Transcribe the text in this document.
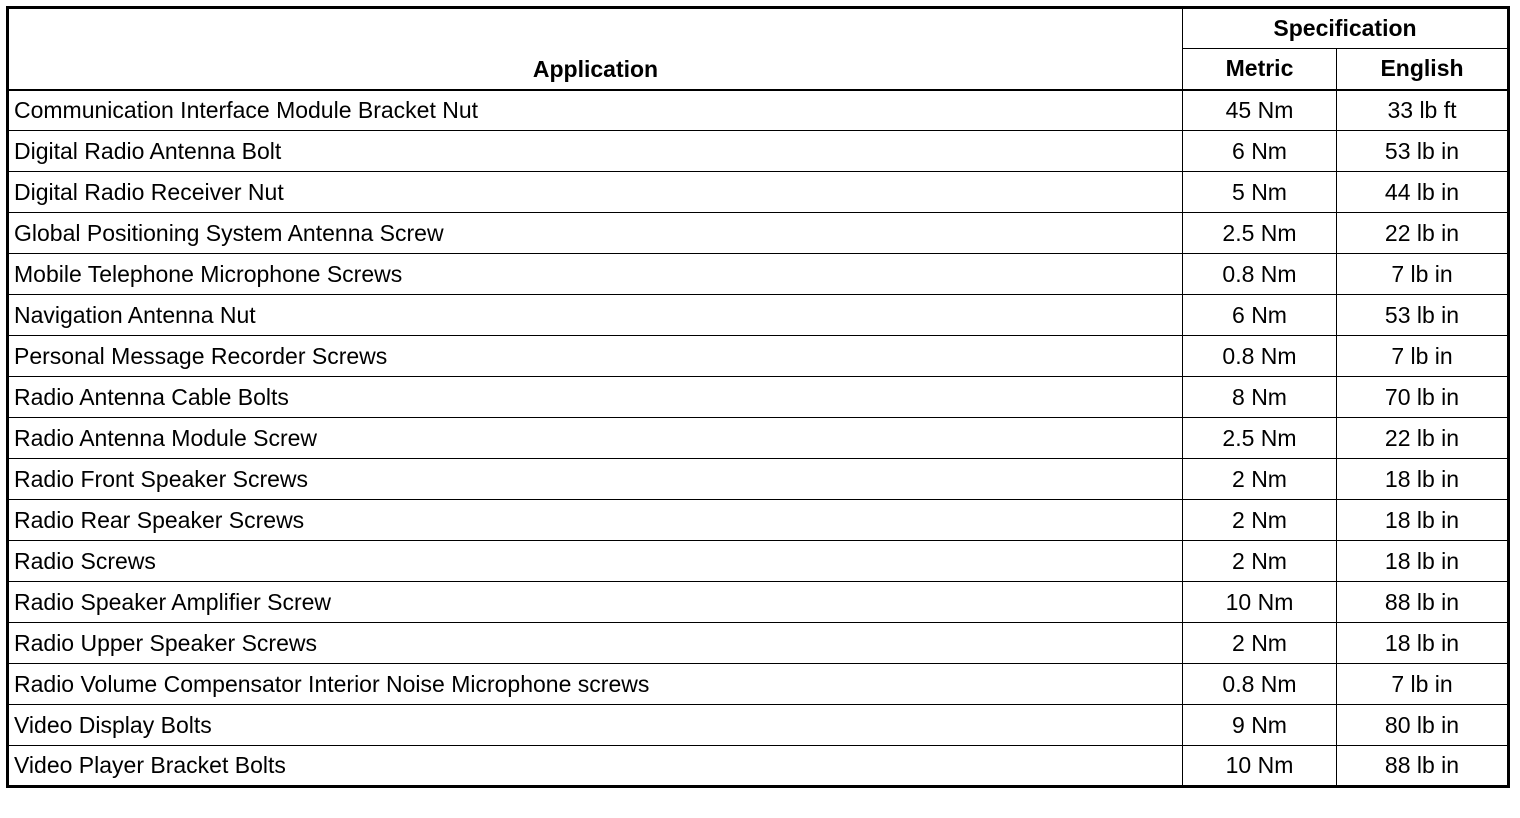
Application	Specification	
	Metric	English
Communication Interface Module Bracket Nut	45 Nm	33 lb ft
Digital Radio Antenna Bolt	6 Nm	53 lb in
Digital Radio Receiver Nut	5 Nm	44 lb in
Global Positioning System Antenna Screw	2.5 Nm	22 lb in
Mobile Telephone Microphone Screws	0.8 Nm	7 lb in
Navigation Antenna Nut	6 Nm	53 lb in
Personal Message Recorder Screws	0.8 Nm	7 lb in
Radio Antenna Cable Bolts	8 Nm	70 lb in
Radio Antenna Module Screw	2.5 Nm	22 lb in
Radio Front Speaker Screws	2 Nm	18 lb in
Radio Rear Speaker Screws	2 Nm	18 lb in
Radio Screws	2 Nm	18 lb in
Radio Speaker Amplifier Screw	10 Nm	88 lb in
Radio Upper Speaker Screws	2 Nm	18 lb in
Radio Volume Compensator Interior Noise Microphone screws	0.8 Nm	7 lb in
Video Display Bolts	9 Nm	80 lb in
Video Player Bracket Bolts	10 Nm	88 lb in
